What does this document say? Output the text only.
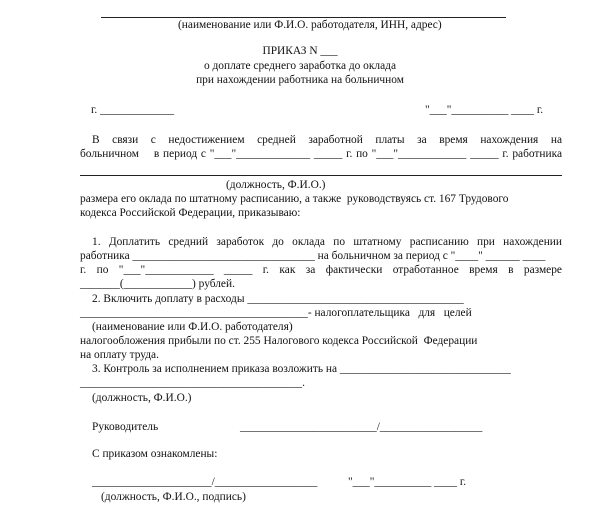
(наименование или Ф.И.О. работодателя, ИНН, адрес)
ПРИКАЗ N ___
о доплате среднего заработка до оклада
при нахождении работника на больничном
г. _____________	"___"__________ ____ г.
В связи с недостижением средней заработной платы за время нахождения на
больничном    в период с "___"_____________ _____ г. по "___"____________ _____ г. работника
(должность, Ф.И.О.)
размера его оклада по штатному расписанию, а также  руководствуясь ст. 167 Трудового
кодекса Российской Федерации, приказываю:
1. Доплатить средний заработок до оклада по штатному расписанию при нахождении
работника ________________________________ на больничном за период с "____" ______ ____
г.   по   "___"____________   _____   г.   как   за   фактически   отработанное   время   в   размере
_______(____________) рублей.
2. Включить доплату в расходы ______________________________________
________________________________________- налогоплательщика   для   целей
(наименование или Ф.И.О. работодателя)
налогообложения прибыли по ст. 255 Налогового кодекса Российской  Федерации
на оплату труда.
3. Контроль за исполнением приказа возложить на ______________________________
_______________________________________.
(должность, Ф.И.О.)
Руководитель	________________________/__________________
С приказом ознакомлены:
_____________________/__________________	"___"__________ ____ г.
(должность, Ф.И.О., подпись)
